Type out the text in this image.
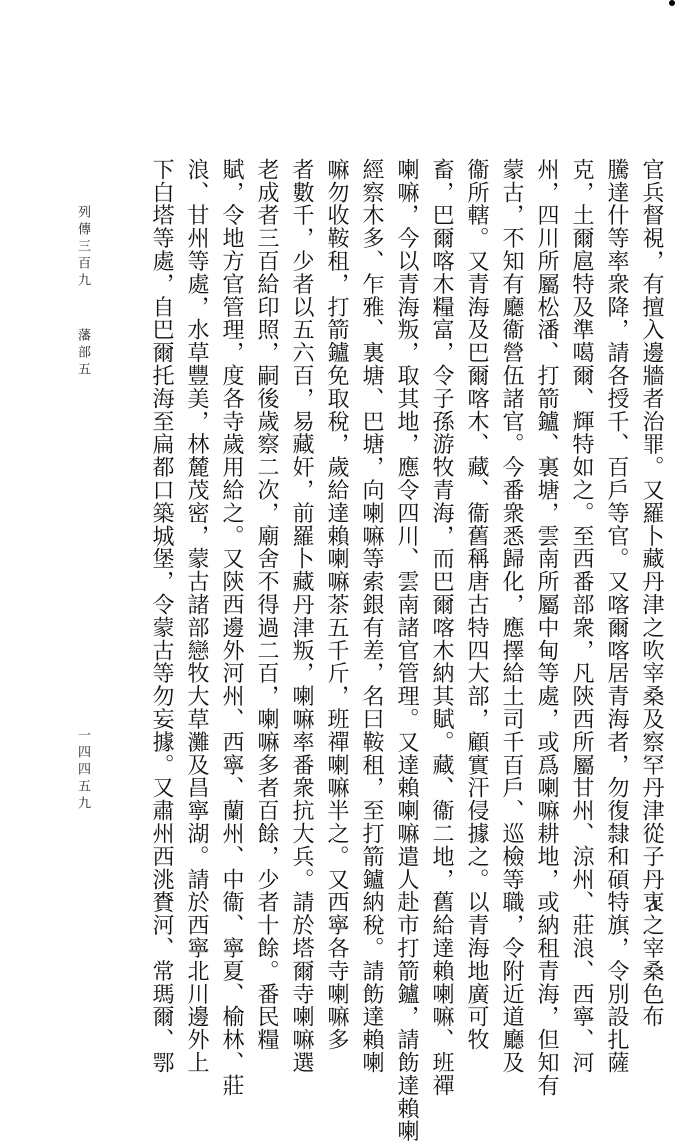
官兵督視，有擅入邊牆者治罪。又羅卜藏丹津之吹宰桑及察罕丹津從子丹衷之宰桑色布
騰達什等率衆降，請各授千、百戶等官。又喀爾喀居青海者，勿復隸和碩特旗，令別設扎薩
克，土爾扈特及準噶爾、輝特如之。至西番部衆，凡陝西所屬甘州、涼州、莊浪、西寧、河
州，四川所屬松潘、打箭鑪、裏塘，雲南所屬中甸等處，或爲喇嘛耕地，或納租青海，但知有
蒙古，不知有廳衞營伍諸官。今番衆悉歸化，應擇給土司千百戶、巡檢等職，令附近道廳及
衞所轄。又青海及巴爾喀木、藏、衞舊稱唐古特四大部，顧實汗侵據之。以青海地廣可牧
畜，巴爾喀木糧富，令子孫游牧青海，而巴爾喀木納其賦。藏、衞二地，舊給達賴喇嘛、班禪
喇嘛，今以青海叛，取其地，應令四川、雲南諸官管理。又達賴喇嘛遣人赴市打箭鑪，請飭達賴喇
經察木多、乍雅、裏塘、巴塘，向喇嘛等索銀有差，名曰鞍租，至打箭鑪納稅。請飭達賴喇
嘛勿收鞍租，打箭鑪免取稅，歲給達賴喇嘛茶五千斤，班禪喇嘛半之。又西寧各寺喇嘛多
者數千，少者以五六百，易藏奸，前羅卜藏丹津叛，喇嘛率番衆抗大兵。請於塔爾寺喇嘛選
老成者三百給印照，嗣後歲察二次，廟舍不得過二百，喇嘛多者百餘，少者十餘。番民糧
賦，令地方官管理，度各寺歲用給之。又陝西邊外河州、西寧、蘭州、中衞、寧夏、榆林、莊
浪、甘州等處，水草豐美，林麓茂密，蒙古諸部戀牧大草灘及昌寧湖。請於西寧北川邊外上
下白塔等處，自巴爾托海至扁都口築城堡，令蒙古等勿妄據。又肅州西洮賚河、常瑪爾、鄂
列傳三百九
藩部五
一四四五九
